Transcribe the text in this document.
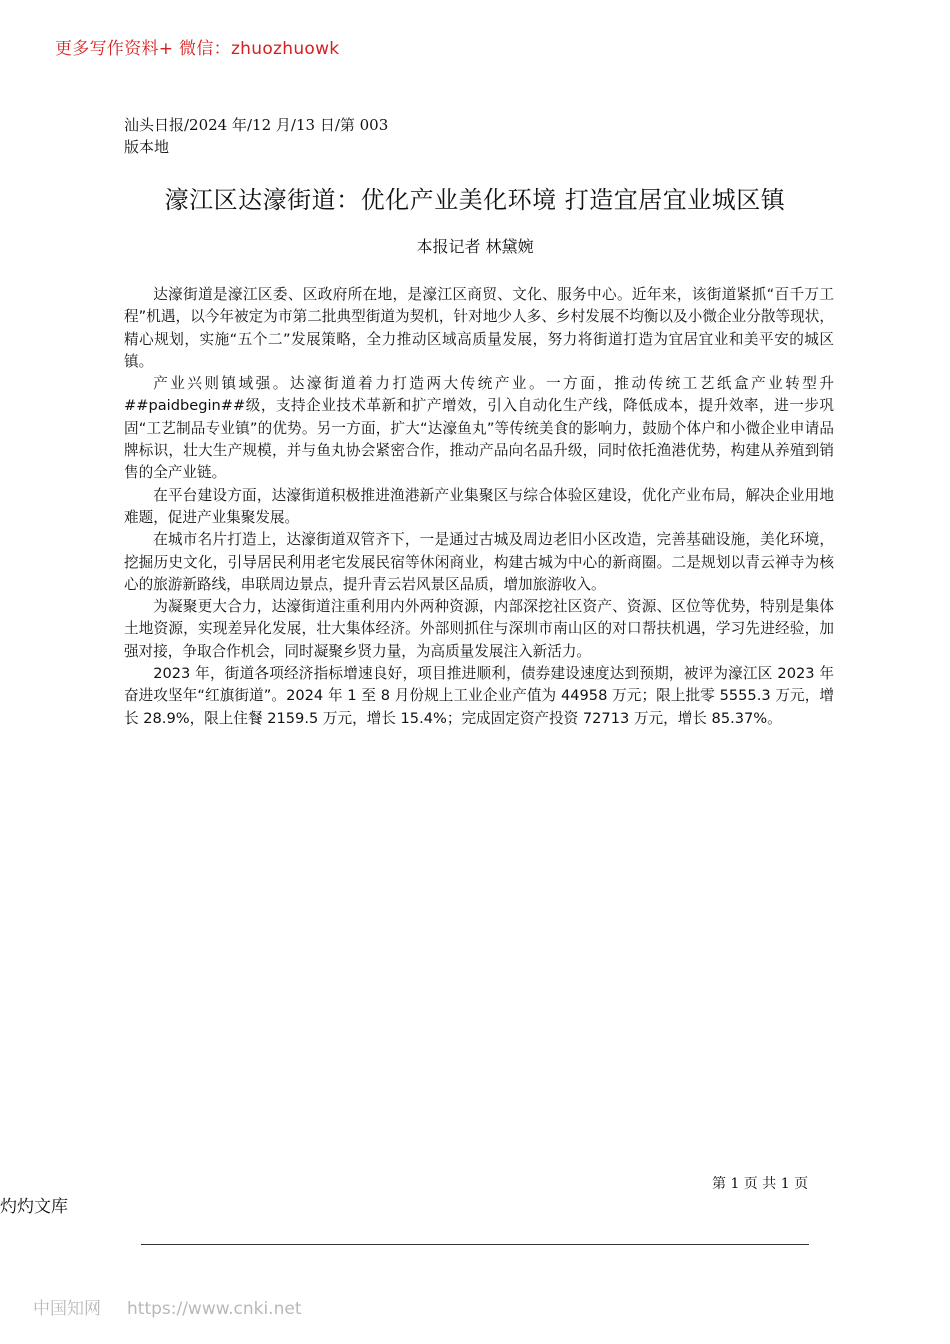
更多写作资料+ 微信：zhuozhuowk
汕头日报/2024 年/12 月/13 日/第 003
版本地
濠江区达濠街道：优化产业美化环境 打造宜居宜业城区镇
本报记者 林黛婉

达濠街道是濠江区委、区政府所在地，是濠江区商贸、文化、服务中心。近年来，该街道紧抓“百千万工程”机遇，以今年被定为市第二批典型街道为契机，针对地少人多、乡村发展不均衡以及小微企业分散等现状，精心规划，实施“五个二”发展策略，全力推动区域高质量发展，努力将街道打造为宜居宜业和美平安的城区镇。

产业兴则镇域强。达濠街道着力打造两大传统产业。一方面，推动传统工艺纸盒产业转型升##paidbegin##级，支持企业技术革新和扩产增效，引入自动化生产线，降低成本，提升效率，进一步巩固“工艺制品专业镇”的优势。另一方面，扩大“达濠鱼丸”等传统美食的影响力，鼓励个体户和小微企业申请品牌标识，壮大生产规模，并与鱼丸协会紧密合作，推动产品向名品升级，同时依托渔港优势，构建从养殖到销售的全产业链。

在平台建设方面，达濠街道积极推进渔港新产业集聚区与综合体验区建设，优化产业布局，解决企业用地难题，促进产业集聚发展。

在城市名片打造上，达濠街道双管齐下，一是通过古城及周边老旧小区改造，完善基础设施，美化环境，挖掘历史文化，引导居民利用老宅发展民宿等休闲商业，构建古城为中心的新商圈。二是规划以青云禅寺为核心的旅游新路线，串联周边景点，提升青云岩风景区品质，增加旅游收入。

为凝聚更大合力，达濠街道注重利用内外两种资源，内部深挖社区资产、资源、区位等优势，特别是集体土地资源，实现差异化发展，壮大集体经济。外部则抓住与深圳市南山区的对口帮扶机遇，学习先进经验，加强对接，争取合作机会，同时凝聚乡贤力量，为高质量发展注入新活力。

2023 年，街道各项经济指标增速良好，项目推进顺利，债券建设速度达到预期，被评为濠江区 2023 年奋进攻坚年“红旗街道”。2024 年 1 至 8 月份规上工业企业产值为 44958 万元；限上批零 5555.3 万元，增长 28.9%，限上住餐 2159.5 万元，增长 15.4%；完成固定资产投资 72713 万元，增长 85.37%。

第 1 页 共 1 页
灼灼文库
中国知网 https://www.cnki.net
